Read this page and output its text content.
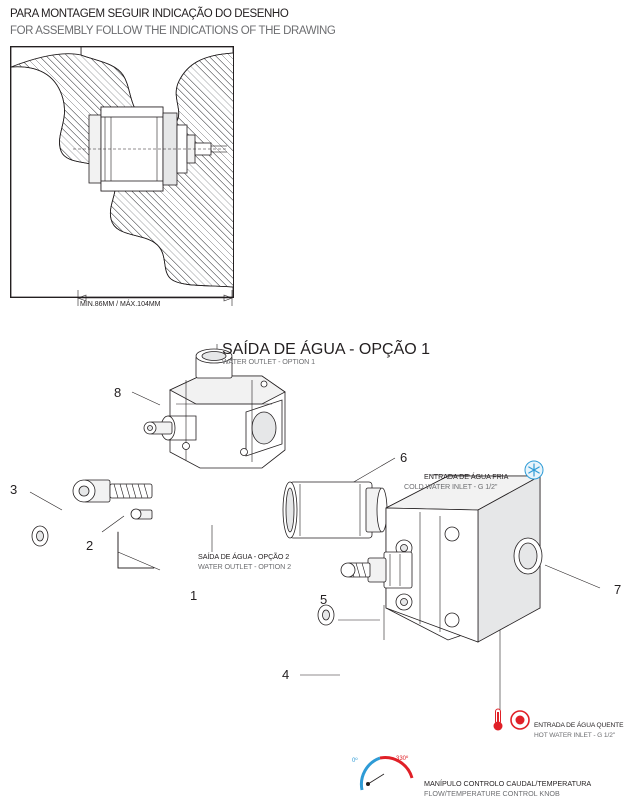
PARA MONTAGEM SEGUIR INDICAÇÃO DO DESENHO
FOR ASSEMBLY FOLLOW THE INDICATIONS OF THE DRAWING
MIN.86MM / MÁX.104MM
8
3
2
1	5
4
6
7
SAÍDA DE ÁGUA - OPÇÃO 1
WATER OUTLET - OPTION 1
SAÍDA DE ÁGUA - OPÇÃO 2
WATER OUTLET - OPTION 2
ENTRADA DE ÁGUA FRIA
COLD WATER INLET - G 1/2"
ENTRADA DE ÁGUA QUENTE
HOT WATER INLET - G 1/2"
0º	330º
MANÍPULO CONTROLO CAUDAL/TEMPERATURA
FLOW/TEMPERATURE CONTROL KNOB
